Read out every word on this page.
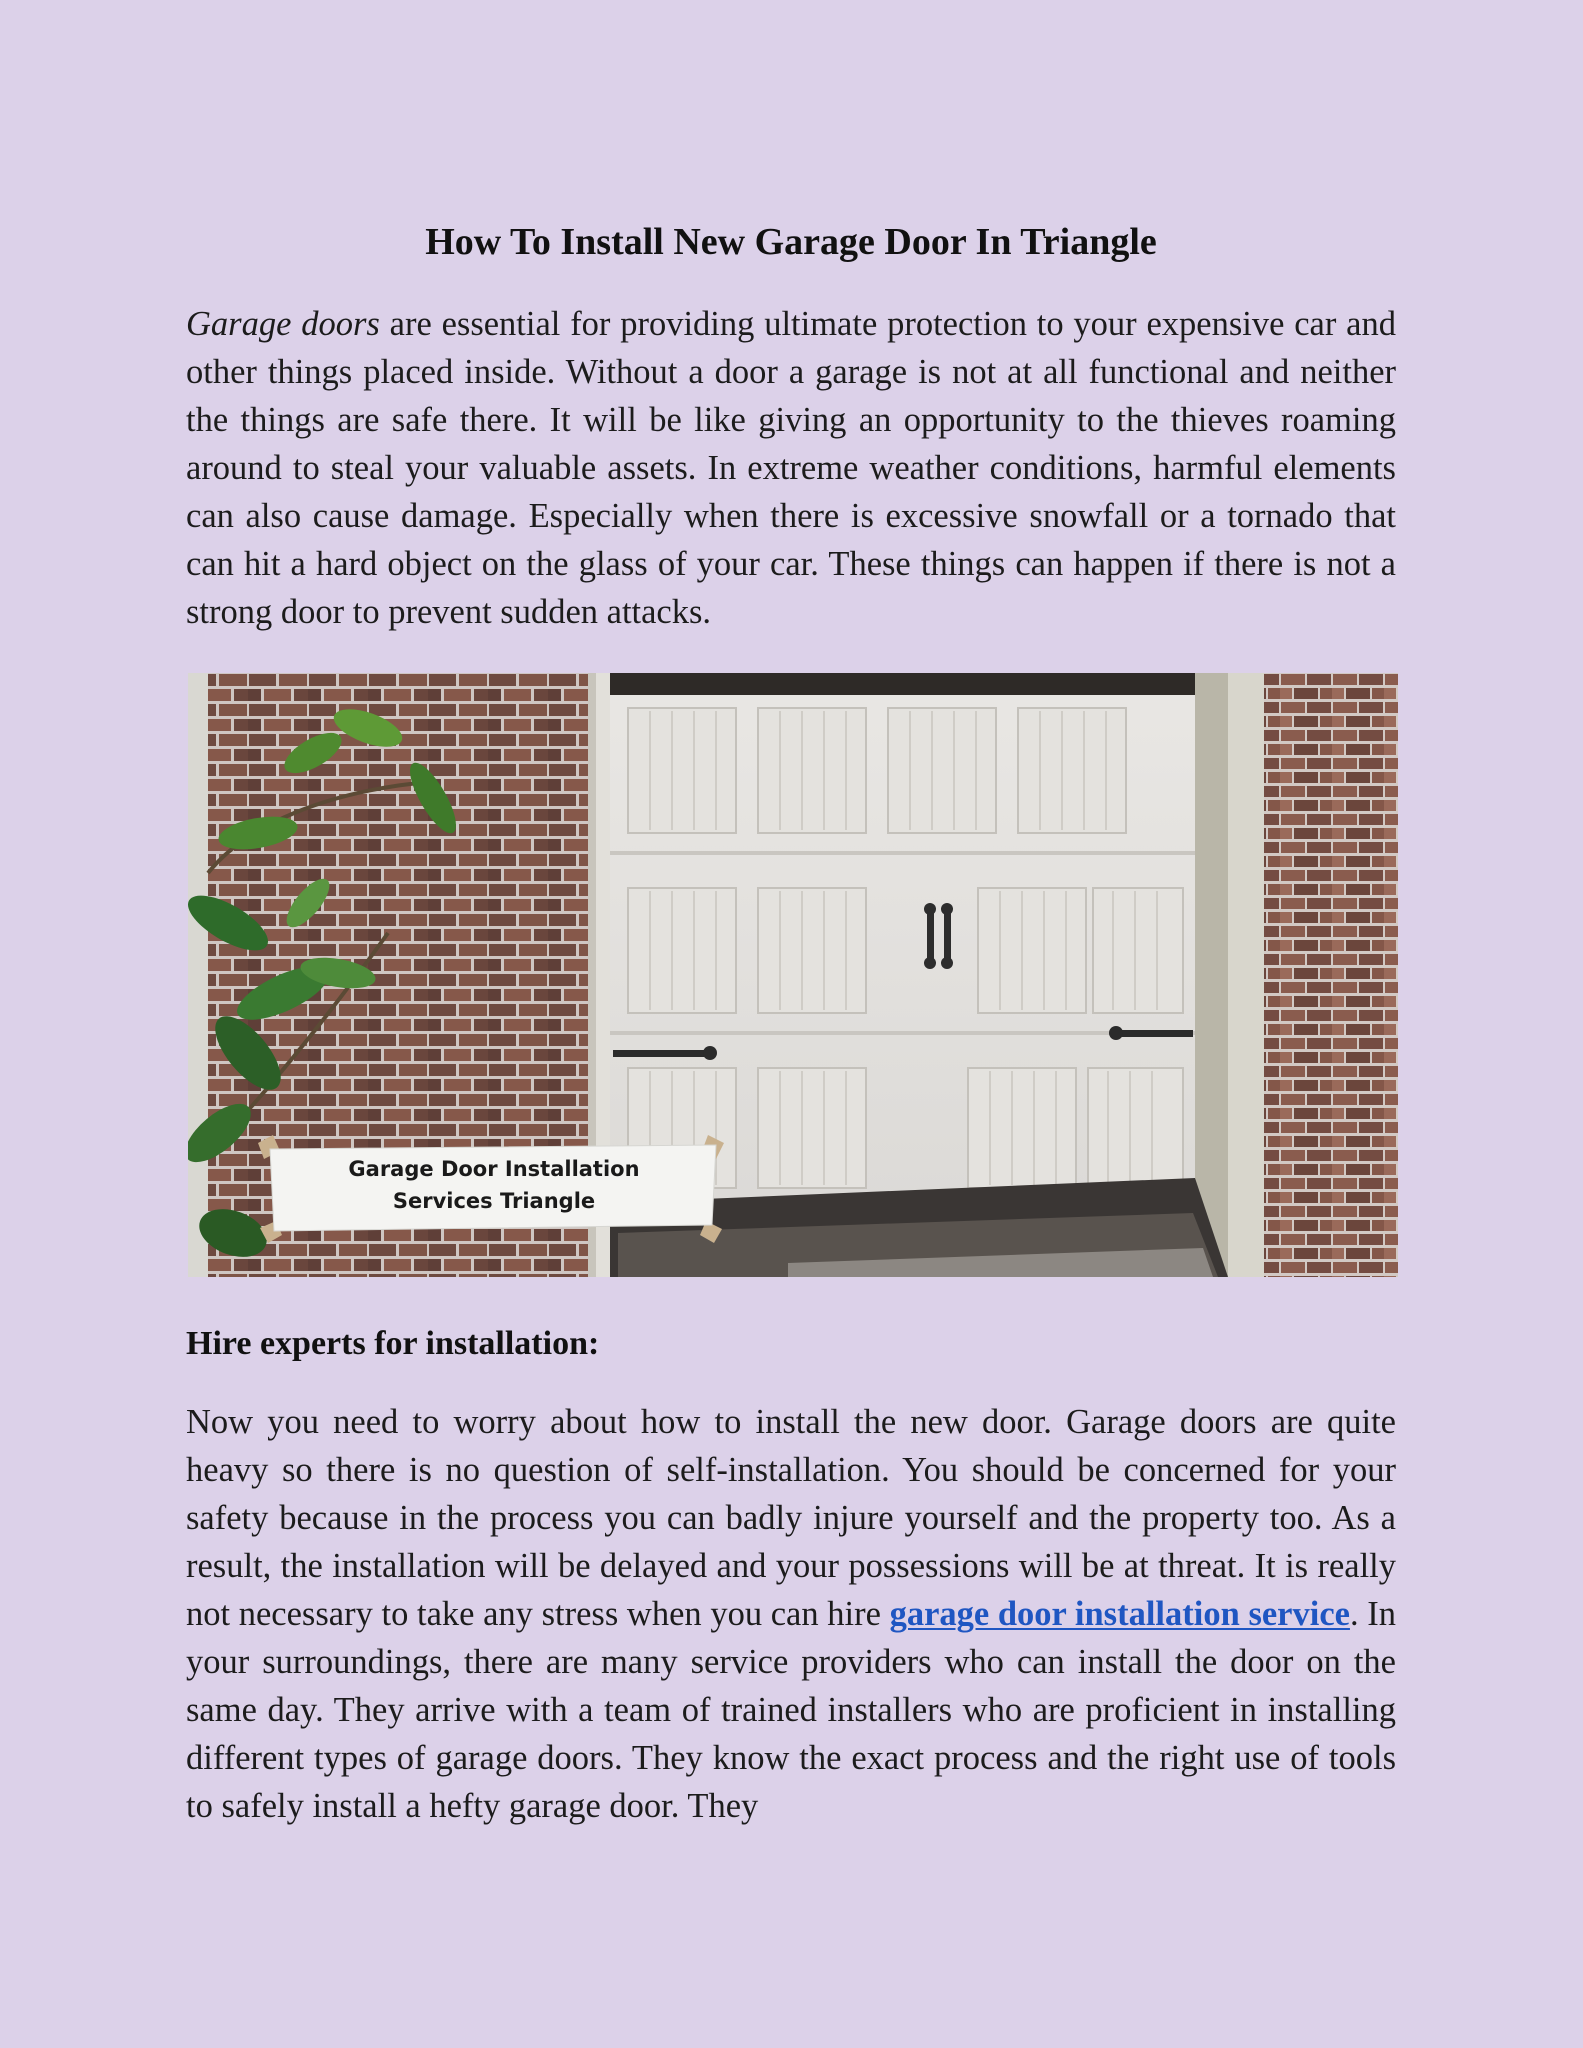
How To Install New Garage Door In Triangle

Garage doors are essential for providing ultimate protection to your expensive car and other things placed inside. Without a door a garage is not at all functional and neither the things are safe there. It will be like giving an opportunity to the thieves roaming around to steal your valuable assets. In extreme weather conditions, harmful elements can also cause damage. Especially when there is excessive snowfall or a tornado that can hit a hard object on the glass of your car. These things can happen if there is not a strong door to prevent sudden attacks.

Garage Door Installation
Services Triangle
Hire experts for installation:

Now you need to worry about how to install the new door. Garage doors are quite heavy so there is no question of self-installation. You should be concerned for your safety because in the process you can badly injure yourself and the property too. As a result, the installation will be delayed and your possessions will be at threat. It is really not necessary to take any stress when you can hire garage door installation service. In your surroundings, there are many service providers who can install the door on the same day. They arrive with a team of trained installers who are proficient in installing different types of garage doors. They know the exact process and the right use of tools to safely install a hefty garage door. They
